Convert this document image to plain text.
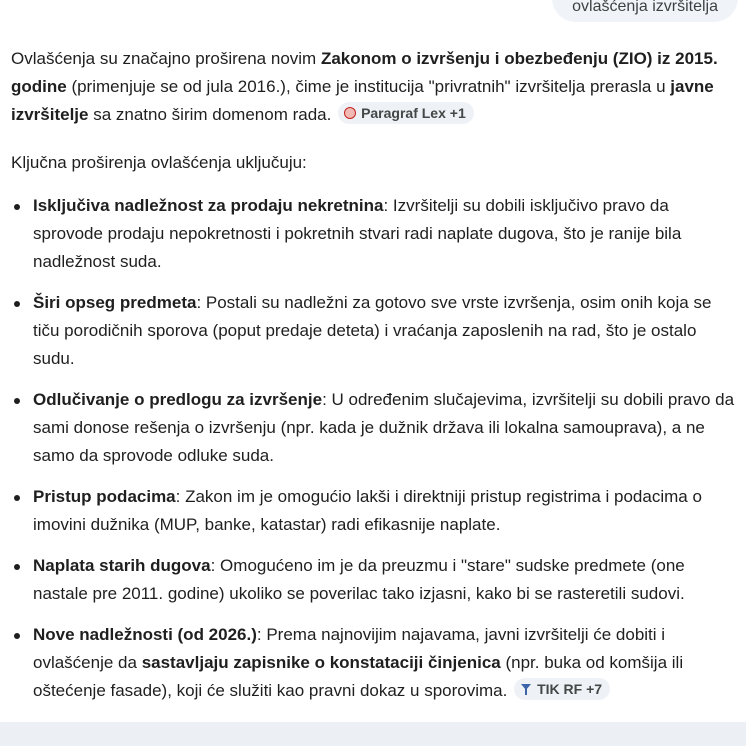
ovlašćenja izvršitelja

Ovlašćenja su značajno proširena novim Zakonom o izvršenju i obezbeđenju (ZIO) iz 2015. godine (primenjuje se od jula 2016.), čime je institucija "privratnih" izvršitelja prerasla u javne izvršitelje sa znatno širim domenom rada. Paragraf Lex +1

Ključna proširenja ovlašćenja uključuju:

Isključiva nadležnost za prodaju nekretnina: Izvršitelji su dobili isključivo pravo da sprovode prodaju nepokretnosti i pokretnih stvari radi naplate dugova, što je ranije bila nadležnost suda.
Širi opseg predmeta: Postali su nadležni za gotovo sve vrste izvršenja, osim onih koja se tiču porodičnih sporova (poput predaje deteta) i vraćanja zaposlenih na rad, što je ostalo sudu.
Odlučivanje o predlogu za izvršenje: U određenim slučajevima, izvršitelji su dobili pravo da sami donose rešenja o izvršenju (npr. kada je dužnik država ili lokalna samouprava), a ne samo da sprovode odluke suda.
Pristup podacima: Zakon im je omogućio lakši i direktniji pristup registrima i podacima o imovini dužnika (MUP, banke, katastar) radi efikasnije naplate.
Naplata starih dugova: Omogućeno im je da preuzmu i "stare" sudske predmete (one nastale pre 2011. godine) ukoliko se poverilac tako izjasni, kako bi se rasteretili sudovi.
Nove nadležnosti (od 2026.): Prema najnovijim najavama, javni izvršitelji će dobiti i ovlašćenje da sastavljaju zapisnike o konstataciji činjenica (npr. buka od komšija ili oštećenje fasade), koji će služiti kao pravni dokaz u sporovima. TIK RF +7
